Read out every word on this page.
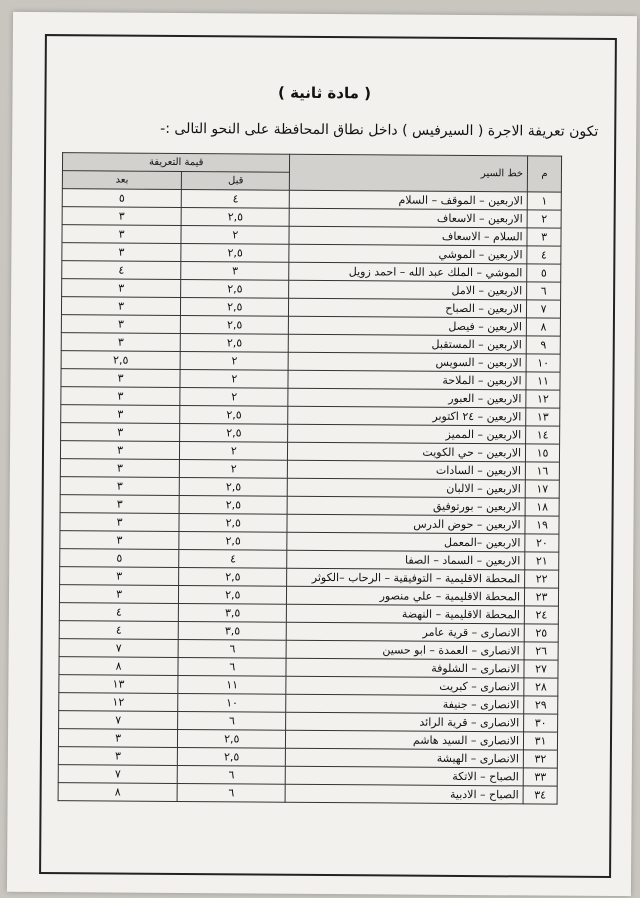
( مادة ثانية )
تكون تعريفة الاجرة ( السيرفيس ) داخل نطاق المحافظة على النحو التالى :-
م	خط السير	قيمة التعريفة	
		قبل	بعد
١	الاربعين – الموقف – السلام	٤	٥
٢	الاربعين – الاسعاف	٢,٥	٣
٣	السلام – الاسعاف	٢	٣
٤	الاربعين – الموشي	٢,٥	٣
٥	الموشي – الملك عبد الله – احمد زويل	٣	٤
٦	الاربعين – الامل	٢,٥	٣
٧	الاربعين – الصباح	٢,٥	٣
٨	الاربعين – فيصل	٢,٥	٣
٩	الاربعين – المستقبل	٢,٥	٣
١٠	الاربعين – السويس	٢	٢,٥
١١	الاربعين – الملاحة	٢	٣
١٢	الاربعين – العبور	٢	٣
١٣	الاربعين – ٢٤ اكتوبر	٢,٥	٣
١٤	الاربعين – المميز	٢,٥	٣
١٥	الاربعين – حي الكويت	٢	٣
١٦	الاربعين – السادات	٢	٣
١٧	الاربعين – الالبان	٢,٥	٣
١٨	الاربعين – بورتوفيق	٢,٥	٣
١٩	الاربعين – حوض الدرس	٢,٥	٣
٢٠	الاربعين –المعمل	٢,٥	٣
٢١	الاربعين – السماد – الصفا	٤	٥
٢٢	المحطة الاقليمية – التوفيقية – الرحاب –الكوثر	٢,٥	٣
٢٣	المحطة الاقليمية – علي منصور	٢,٥	٣
٢٤	المحطة الاقليمية – النهضة	٣,٥	٤
٢٥	الانصارى – قرية عامر	٣,٥	٤
٢٦	الانصارى – العمدة – ابو حسين	٦	٧
٢٧	الانصارى – الشلوفة	٦	٨
٢٨	الانصارى – كبريت	١١	١٣
٢٩	الانصارى – جنيفة	١٠	١٢
٣٠	الانصارى – قرية الرائد	٦	٧
٣١	الانصارى – السيد هاشم	٢,٥	٣
٣٢	الانصارى – الهيشة	٢,٥	٣
٣٣	الصباح – الاتكة	٦	٧
٣٤	الصباح – الادبية	٦	٨
